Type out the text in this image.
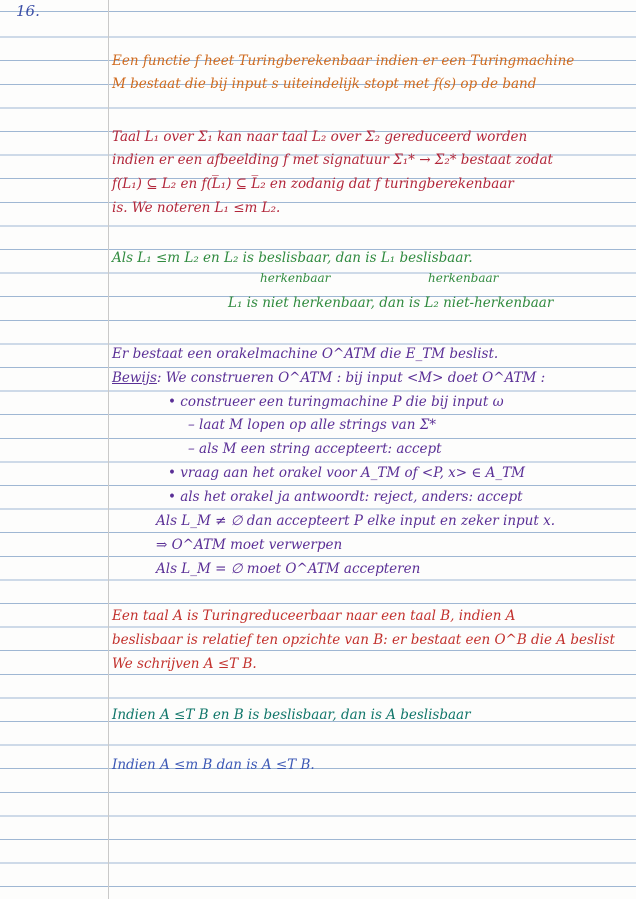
16.
Een functie f heet Turingberekenbaar indien er een Turingmachine
M bestaat die bij input s uiteindelijk stopt met f(s) op de band
Taal L₁ over Σ₁ kan naar taal L₂ over Σ₂ gereduceerd worden
indien er een afbeelding f met signatuur Σ₁* → Σ₂* bestaat zodat
f(L₁) ⊆ L₂ en f(L̅₁) ⊆ L̅₂ en zodanig dat f turingberekenbaar
is. We noteren L₁ ≤m L₂.
Als L₁ ≤m L₂ en L₂ is beslisbaar, dan is L₁ beslisbaar.
herkenbaar	herkenbaar
L₁ is niet herkenbaar, dan is L₂ niet-herkenbaar
Er bestaat een orakelmachine O^ATM die E_TM beslist.
Bewijs: We construeren O^ATM : bij input <M> doet O^ATM :
• construeer een turingmachine P die bij input ω
– laat M lopen op alle strings van Σ*
– als M een string accepteert: accept
• vraag aan het orakel voor A_TM of <P, x> ∈ A_TM
• als het orakel ja antwoordt: reject, anders: accept
Als L_M ≠ ∅ dan accepteert P elke input en zeker input x.
⇒ O^ATM moet verwerpen
Als L_M = ∅ moet O^ATM accepteren
Een taal A is Turingreduceerbaar naar een taal B, indien A
beslisbaar is relatief ten opzichte van B: er bestaat een O^B die A beslist
We schrijven A ≤T B.
Indien A ≤T B en B is beslisbaar, dan is A beslisbaar
Indien A ≤m B dan is A ≤T B.
